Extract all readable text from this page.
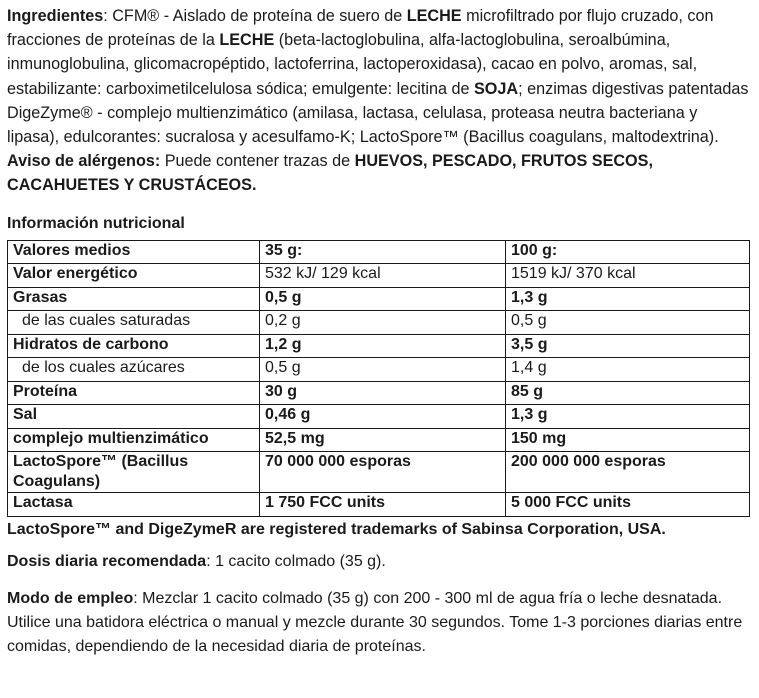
Ingredientes: CFM® - Aislado de proteína de suero de LECHE microfiltrado por flujo cruzado, con fracciones de proteínas de la LECHE (beta-lactoglobulina, alfa-lactoglobulina, seroalbúmina, inmunoglobulina, glicomacropéptido, lactoferrina, lactoperoxidasa), cacao en polvo, aromas, sal, estabilizante: carboximetilcelulosa sódica; emulgente: lecitina de SOJA; enzimas digestivas patentadas DigeZyme® - complejo multienzimático (amilasa, lactasa, celulasa, proteasa neutra bacteriana y lipasa), edulcorantes: sucralosa y acesulfamo-K; LactoSpore™ (Bacillus coagulans, maltodextrina). Aviso de alérgenos: Puede contener trazas de HUEVOS, PESCADO, FRUTOS SECOS, CACAHUETES Y CRUSTÁCEOS.

Información nutricional
Valores medios	35 g:	100 g:
Valor energético	532 kJ/ 129 kcal	1519 kJ/ 370 kcal
Grasas	0,5 g	1,3 g
de las cuales saturadas	0,2 g	0,5 g
Hidratos de carbono	1,2 g	3,5 g
de los cuales azúcares	0,5 g	1,4 g
Proteína	30 g	85 g
Sal	0,46 g	1,3 g
complejo multienzimático	52,5 mg	150 mg
LactoSpore™ (Bacillus Coagulans)	70 000 000 esporas	200 000 000 esporas
Lactasa	1 750 FCC units	5 000 FCC units
LactoSpore™ and DigeZymeR are registered trademarks of Sabinsa Corporation, USA.

Dosis diaria recomendada: 1 cacito colmado (35 g).

Modo de empleo: Mezclar 1 cacito colmado (35 g) con 200 - 300 ml de agua fría o leche desnatada. Utilice una batidora eléctrica o manual y mezcle durante 30 segundos. Tome 1-3 porciones diarias entre comidas, dependiendo de la necesidad diaria de proteínas.
